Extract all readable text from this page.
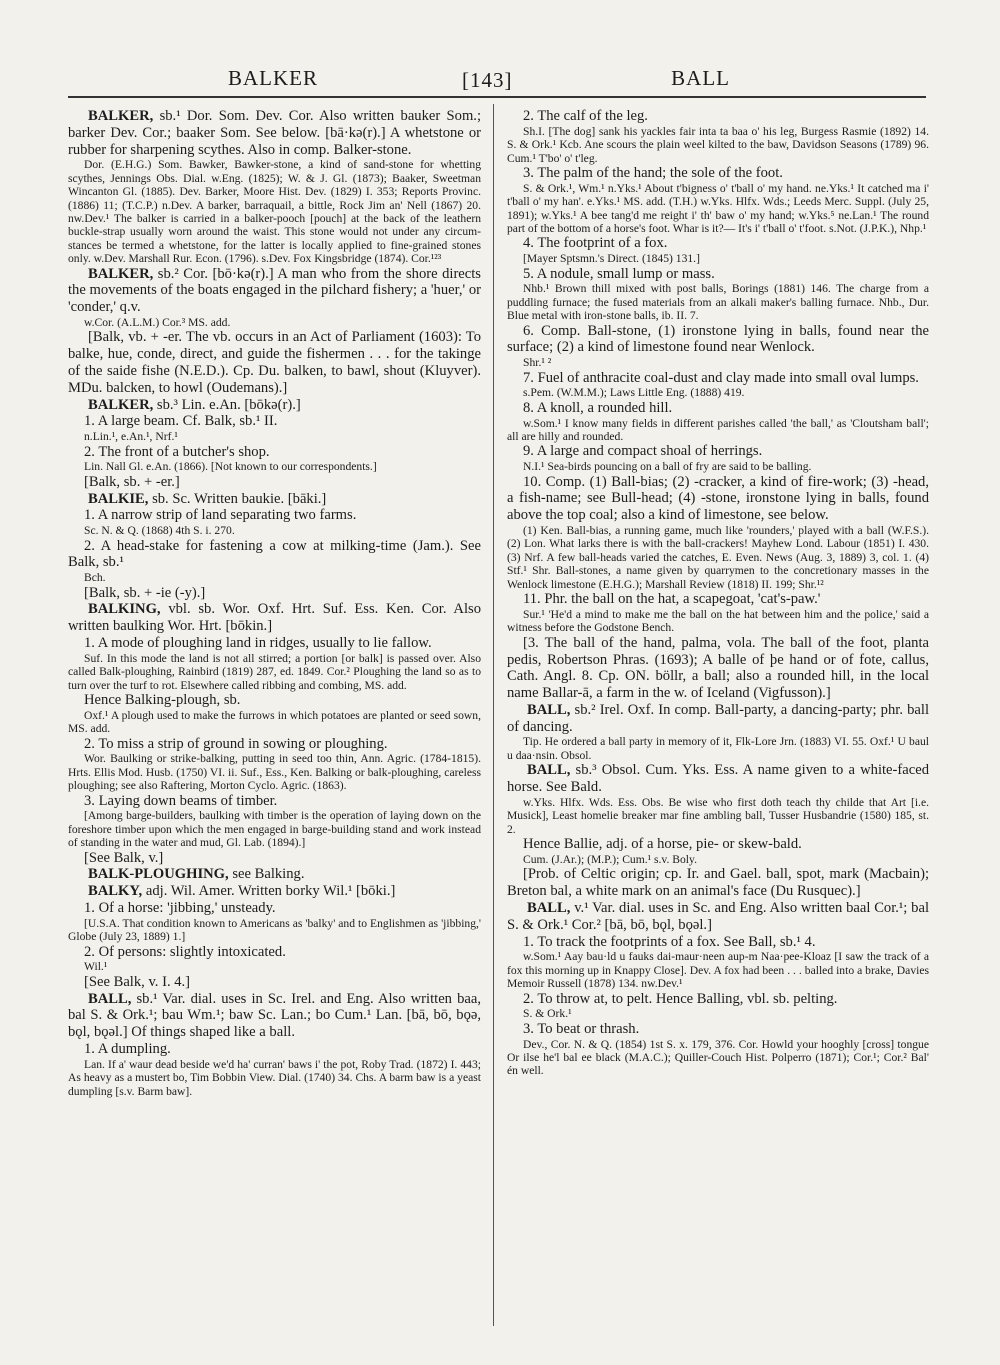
BALKER	[143]	BALL

BALKER, sb.¹ Dor. Som. Dev. Cor. Also written bauker Som.; barker Dev. Cor.; baaker Som. See below. [bā·kə(r).] A whetstone or rubber for sharpening scythes. Also in comp. Balker-stone.

Dor. (E.H.G.) Som. Bawker, Bawker-stone, a kind of sand-stone for whetting scythes, Jennings Obs. Dial. w.Eng. (1825); W. & J. Gl. (1873); Baaker, Sweetman Wincanton Gl. (1885). Dev. Barker, Moore Hist. Dev. (1829) I. 353; Reports Provinc. (1886) 11; (T.C.P.) n.Dev. A barker, barraquail, a bittle, Rock Jim an' Nell (1867) 20. nw.Dev.¹ The balker is carried in a balker-pooch [pouch] at the back of the leathern buckle-strap usually worn around the waist. This stone would not under any circum-stances be termed a whetstone, for the latter is locally applied to fine-grained stones only. w.Dev. Marshall Rur. Econ. (1796). s.Dev. Fox Kingsbridge (1874). Cor.¹²³

BALKER, sb.² Cor. [bō·kə(r).] A man who from the shore directs the movements of the boats engaged in the pilchard fishery; a 'huer,' or 'conder,' q.v.

w.Cor. (A.L.M.) Cor.³ MS. add.

[Balk, vb. + -er. The vb. occurs in an Act of Parliament (1603): To balke, hue, conde, direct, and guide the fishermen . . . for the takinge of the saide fishe (N.E.D.). Cp. Du. balken, to bawl, shout (Kluyver). MDu. balcken, to howl (Oudemans).]

BALKER, sb.³ Lin. e.An. [bōkə(r).]

1. A large beam. Cf. Balk, sb.¹ II.

n.Lin.¹, e.An.¹, Nrf.¹

2. The front of a butcher's shop.

Lin. Nall Gl. e.An. (1866). [Not known to our correspondents.]

[Balk, sb. + -er.]

BALKIE, sb. Sc. Written baukie. [bāki.]

1. A narrow strip of land separating two farms.

Sc. N. & Q. (1868) 4th S. i. 270.

2. A head-stake for fastening a cow at milking-time (Jam.). See Balk, sb.¹

Bch.

[Balk, sb. + -ie (-y).]

BALKING, vbl. sb. Wor. Oxf. Hrt. Suf. Ess. Ken. Cor. Also written baulking Wor. Hrt. [bōkin.]

1. A mode of ploughing land in ridges, usually to lie fallow.

Suf. In this mode the land is not all stirred; a portion [or balk] is passed over. Also called Balk-ploughing, Rainbird (1819) 287, ed. 1849. Cor.² Ploughing the land so as to turn over the turf to rot. Elsewhere called ribbing and combing, MS. add.

Hence Balking-plough, sb.

Oxf.¹ A plough used to make the furrows in which potatoes are planted or seed sown, MS. add.

2. To miss a strip of ground in sowing or ploughing.

Wor. Baulking or strike-balking, putting in seed too thin, Ann. Agric. (1784-1815). Hrts. Ellis Mod. Husb. (1750) VI. ii. Suf., Ess., Ken. Balking or balk-ploughing, careless ploughing; see also Raftering, Morton Cyclo. Agric. (1863).

3. Laying down beams of timber.

[Among barge-builders, baulking with timber is the operation of laying down on the foreshore timber upon which the men engaged in barge-building stand and work instead of standing in the water and mud, Gl. Lab. (1894).]

[See Balk, v.]

BALK-PLOUGHING, see Balking.

BALKY, adj. Wil. Amer. Written borky Wil.¹ [bōki.]

1. Of a horse: 'jibbing,' unsteady.

[U.S.A. That condition known to Americans as 'balky' and to Englishmen as 'jibbing,' Globe (July 23, 1889) 1.]

2. Of persons: slightly intoxicated.

Wil.¹

[See Balk, v. I. 4.]

BALL, sb.¹ Var. dial. uses in Sc. Irel. and Eng. Also written baa, bal S. & Ork.¹; bau Wm.¹; baw Sc. Lan.; bo Cum.¹ Lan. [bā, bō, bǫə, bǫl, bǫəl.] Of things shaped like a ball.

1. A dumpling.

Lan. If a' waur dead beside we'd ha' curran' baws i' the pot, Roby Trad. (1872) I. 443; As heavy as a mustert bo, Tim Bobbin View. Dial. (1740) 34. Chs. A barm baw is a yeast dumpling [s.v. Barm baw].

2. The calf of the leg.

Sh.I. [The dog] sank his yackles fair inta ta baa o' his leg, Burgess Rasmie (1892) 14. S. & Ork.¹ Kcb. Ane scours the plain weel kilted to the baw, Davidson Seasons (1789) 96. Cum.¹ T'bo' o' t'leg.

3. The palm of the hand; the sole of the foot.

S. & Ork.¹, Wm.¹ n.Yks.¹ About t'bigness o' t'ball o' my hand. ne.Yks.¹ It catched ma i' t'ball o' my han'. e.Yks.¹ MS. add. (T.H.) w.Yks. Hlfx. Wds.; Leeds Merc. Suppl. (July 25, 1891); w.Yks.¹ A bee tang'd me reight i' th' baw o' my hand; w.Yks.⁵ ne.Lan.¹ The round part of the bottom of a horse's foot. Whar is it?— It's i' t'ball o' t'foot. s.Not. (J.P.K.), Nhp.¹

4. The footprint of a fox.

[Mayer Sptsmn.'s Direct. (1845) 131.]

5. A nodule, small lump or mass.

Nhb.¹ Brown thill mixed with post balls, Borings (1881) 146. The charge from a puddling furnace; the fused materials from an alkali maker's balling furnace. Nhb., Dur. Blue metal with iron-stone balls, ib. II. 7.

6. Comp. Ball-stone, (1) ironstone lying in balls, found near the surface; (2) a kind of limestone found near Wenlock.

Shr.¹ ²

7. Fuel of anthracite coal-dust and clay made into small oval lumps.

s.Pem. (W.M.M.); Laws Little Eng. (1888) 419.

8. A knoll, a rounded hill.

w.Som.¹ I know many fields in different parishes called 'the ball,' as 'Cloutsham ball'; all are hilly and rounded.

9. A large and compact shoal of herrings.

N.I.¹ Sea-birds pouncing on a ball of fry are said to be balling.

10. Comp. (1) Ball-bias; (2) -cracker, a kind of fire-work; (3) -head, a fish-name; see Bull-head; (4) -stone, ironstone lying in balls, found above the top coal; also a kind of limestone, see below.

(1) Ken. Ball-bias, a running game, much like 'rounders,' played with a ball (W.F.S.). (2) Lon. What larks there is with the ball-crackers! Mayhew Lond. Labour (1851) I. 430. (3) Nrf. A few ball-heads varied the catches, E. Even. News (Aug. 3, 1889) 3, col. 1. (4) Stf.¹ Shr. Ball-stones, a name given by quarrymen to the concretionary masses in the Wenlock limestone (E.H.G.); Marshall Review (1818) II. 199; Shr.¹²

11. Phr. the ball on the hat, a scapegoat, 'cat's-paw.'

Sur.¹ 'He'd a mind to make me the ball on the hat between him and the police,' said a witness before the Godstone Bench.

[3. The ball of the hand, palma, vola. The ball of the foot, planta pedis, Robertson Phras. (1693); A balle of þe hand or of fote, callus, Cath. Angl. 8. Cp. ON. böllr, a ball; also a rounded hill, in the local name Ballar-ā, a farm in the w. of Iceland (Vigfusson).]

BALL, sb.² Irel. Oxf. In comp. Ball-party, a dancing-party; phr. ball of dancing.

Tip. He ordered a ball party in memory of it, Flk-Lore Jrn. (1883) VI. 55. Oxf.¹ U baul u daa·nsin. Obsol.

BALL, sb.³ Obsol. Cum. Yks. Ess. A name given to a white-faced horse. See Bald.

w.Yks. Hlfx. Wds. Ess. Obs. Be wise who first doth teach thy childe that Art [i.e. Musick], Least homelie breaker mar fine ambling ball, Tusser Husbandrie (1580) 185, st. 2.

Hence Ballie, adj. of a horse, pie- or skew-bald.

Cum. (J.Ar.); (M.P.); Cum.¹ s.v. Boly.

[Prob. of Celtic origin; cp. Ir. and Gael. ball, spot, mark (Macbain); Breton bal, a white mark on an animal's face (Du Rusquec).]

BALL, v.¹ Var. dial. uses in Sc. and Eng. Also written baal Cor.¹; bal S. & Ork.¹ Cor.² [bā, bō, bǫl, bǫəl.]

1. To track the footprints of a fox. See Ball, sb.¹ 4.

w.Som.¹ Aay bau·ld u fauks dai-maur·neen aup-m Naa·pee-Kloaz [I saw the track of a fox this morning up in Knappy Close]. Dev. A fox had been . . . balled into a brake, Davies Memoir Russell (1878) 134. nw.Dev.¹

2. To throw at, to pelt. Hence Balling, vbl. sb. pelting.

S. & Ork.¹

3. To beat or thrash.

Dev., Cor. N. & Q. (1854) 1st S. x. 179, 376. Cor. Howld your hooghly [cross] tongue Or ilse he'l bal ee black (M.A.C.); Quiller-Couch Hist. Polperro (1871); Cor.¹; Cor.² Bal' én well.
